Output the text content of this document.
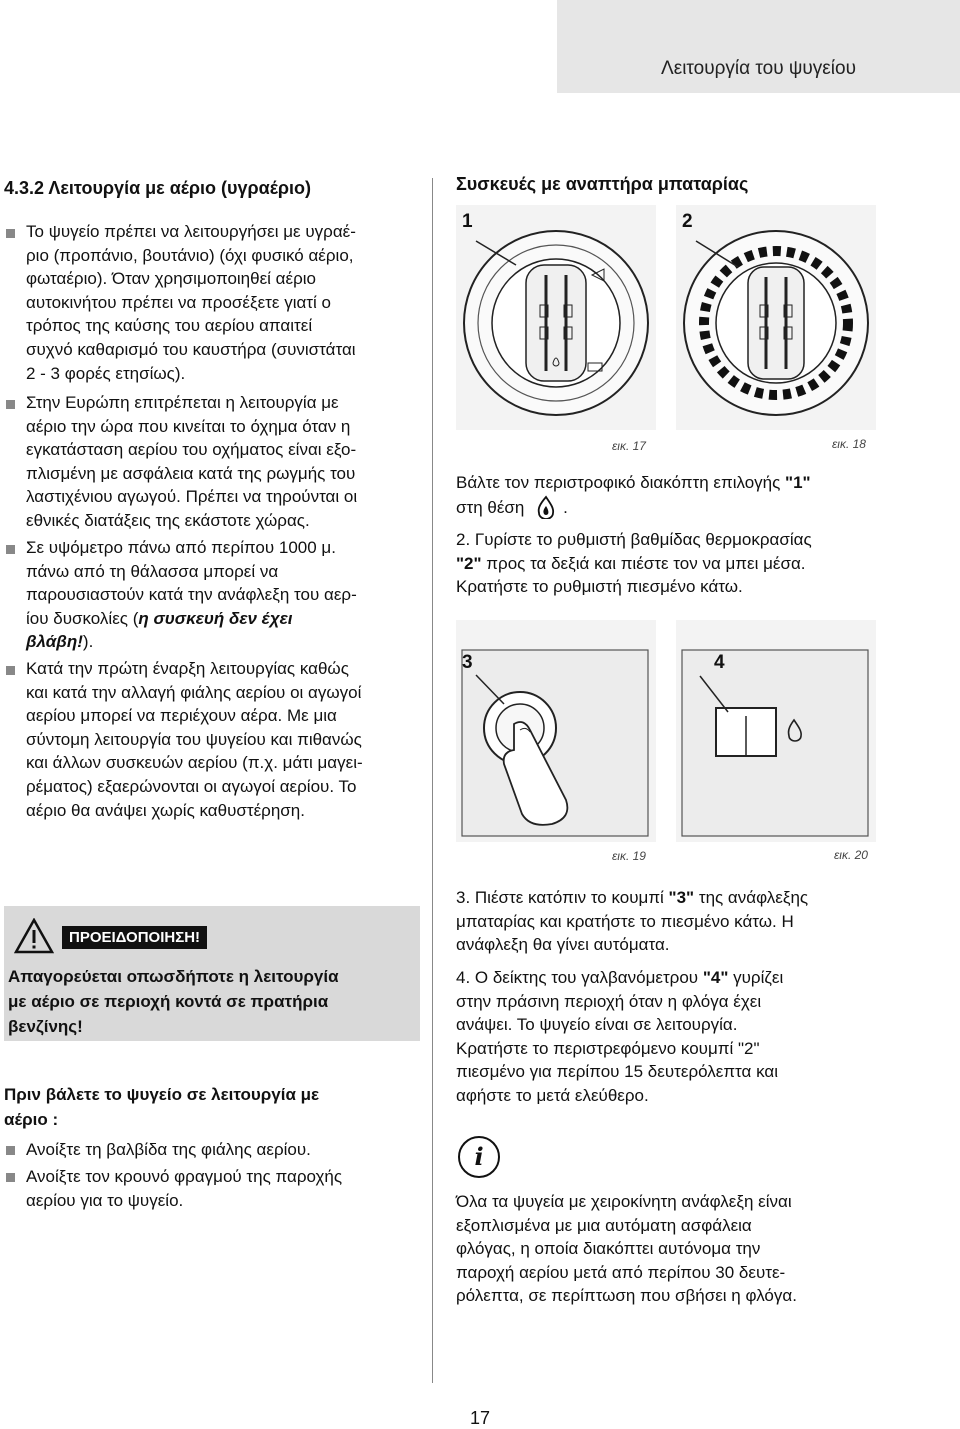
Λειτουργία του ψυγείου
4.3.2 Λειτουργία με αέριο (υγραέριο)
Το ψυγείο πρέπει να λειτουργήσει με υγραέ-
ριο (προπάνιο, βουτάνιο) (όχι φυσικό αέριο,
φωταέριο). Όταν χρησιμοποιηθεί αέριο
αυτοκινήτου πρέπει να προσέξετε γιατί ο
τρόπος της καύσης του αερίου απαιτεί
συχνό καθαρισμό του καυστήρα (συνιστάται
2 - 3 φορές ετησίως).
Στην Ευρώπη επιτρέπεται η λειτουργία με
αέριο την ώρα που κινείται το όχημα όταν η
εγκατάσταση αερίου του οχήματος είναι εξο-
πλισμένη με ασφάλεια κατά της ρωγμής του
λαστιχένιου αγωγού. Πρέπει να τηρούνται οι
εθνικές διατάξεις της εκάστοτε χώρας.
Σε υψόμετρο πάνω από περίπου 1000 μ.
πάνω από τη θάλασσα μπορεί να
παρουσιαστούν κατά την ανάφλεξη του αερ-
ίου δυσκολίες (η συσκευή δεν έχει
βλάβη!).
Κατά την πρώτη έναρξη λειτουργίας καθώς
και κατά την αλλαγή φιάλης αερίου οι αγωγοί
αερίου μπορεί να περιέχουν αέρα. Με μια
σύντομη λειτουργία του ψυγείου και πιθανώς
και άλλων συσκευών αερίου (π.χ. μάτι μαγει-
ρέματος) εξαερώνονται οι αγωγοί αερίου. Το
αέριο θα ανάψει χωρίς καθυστέρηση.
ΠΡΟΕΙΔΟΠΟΙΗΣΗ!
Απαγορεύεται οπωσδήποτε η λειτουργία
με αέριο σε περιοχή κοντά σε πρατήρια
βενζίνης!
Πριν βάλετε το ψυγείο σε λειτουργία με
αέριο :
Ανοίξτε τη βαλβίδα της φιάλης αερίου.
Ανοίξτε τον κρουνό φραγμού της παροχής
αερίου για το ψυγείο.
Συσκευές με αναπτήρα μπαταρίας
1
εικ. 17
2
εικ. 18
Βάλτε τον περιστροφικό διακόπτη επιλογής "1"
στη θέση .
2. Γυρίστε το ρυθμιστή βαθμίδας θερμοκρασίας
"2" προς τα δεξιά και πιέστε τον να μπει μέσα.
Κρατήστε το ρυθμιστή πιεσμένο κάτω.
3
εικ. 19
4
εικ. 20
3. Πιέστε κατόπιν το κουμπί "3" της ανάφλεξης
μπαταρίας και κρατήστε το πιεσμένο κάτω. Η
ανάφλεξη θα γίνει αυτόματα.
4. Ο δείκτης του γαλβανόμετρου "4" γυρίζει
στην πράσινη περιοχή όταν η φλόγα έχει
ανάψει. Το ψυγείο είναι σε λειτουργία.
Κρατήστε το περιστρεφόμενο κουμπί "2"
πιεσμένο για περίπου 15 δευτερόλεπτα και
αφήστε το μετά ελεύθερο.
i
Όλα τα ψυγεία με χειροκίνητη ανάφλεξη είναι
εξοπλισμένα με μια αυτόματη ασφάλεια
φλόγας, η οποία διακόπτει αυτόνομα την
παροχή αερίου μετά από περίπου 30 δευτε-
ρόλεπτα, σε περίπτωση που σβήσει η φλόγα.
17
